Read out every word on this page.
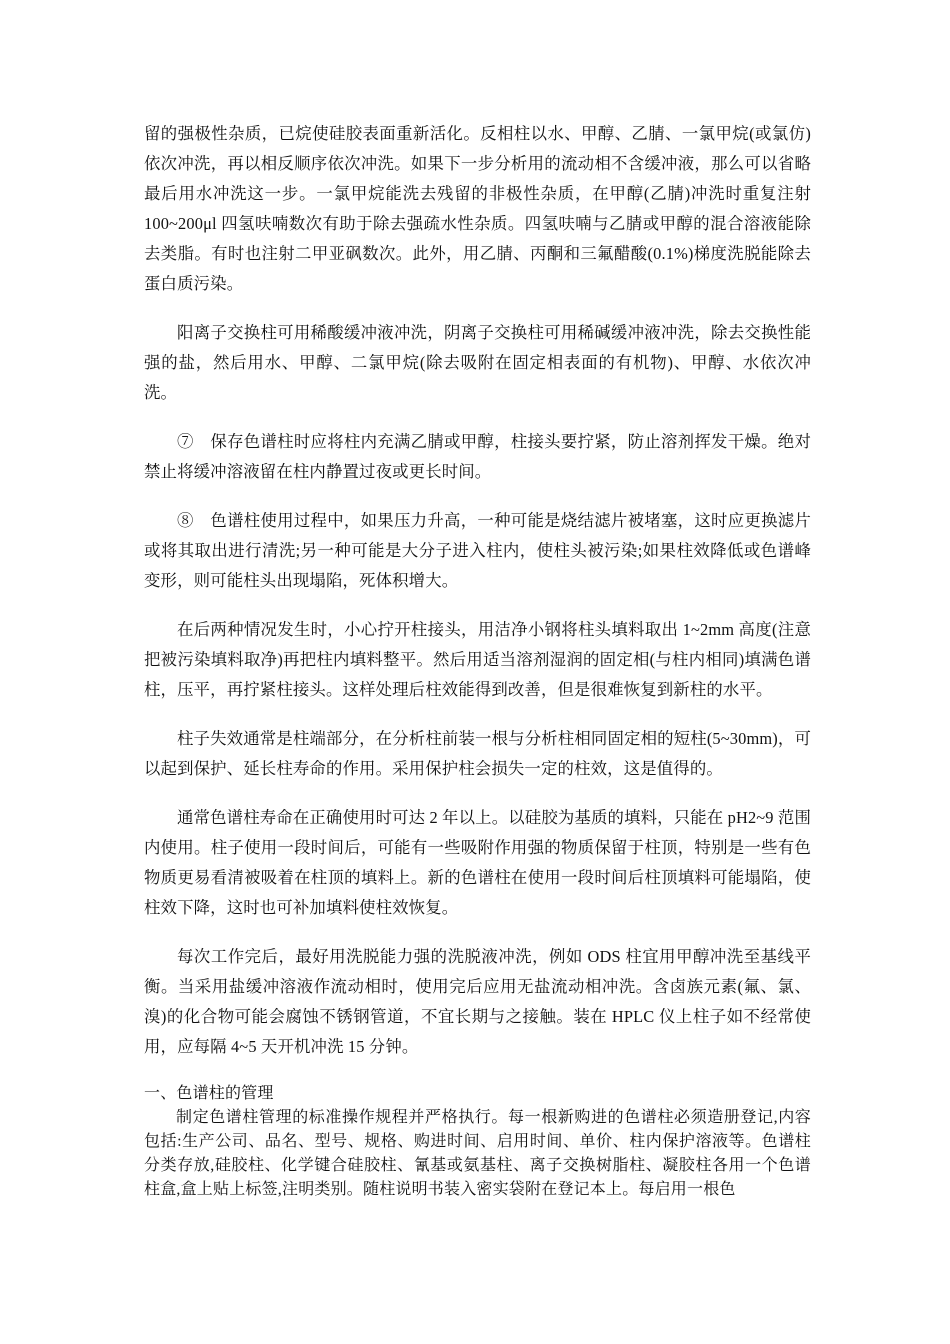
留的强极性杂质，已烷使硅胶表面重新活化。反相柱以水、甲醇、乙腈、一氯甲烷(或氯仿)依次冲洗，再以相反顺序依次冲洗。如果下一步分析用的流动相不含缓冲液，那么可以省略最后用水冲洗这一步。一氯甲烷能洗去残留的非极性杂质，在甲醇(乙腈)冲洗时重复注射100~200μl 四氢呋喃数次有助于除去强疏水性杂质。四氢呋喃与乙腈或甲醇的混合溶液能除去类脂。有时也注射二甲亚砜数次。此外，用乙腈、丙酮和三氟醋酸(0.1%)梯度洗脱能除去蛋白质污染。

阳离子交换柱可用稀酸缓冲液冲洗，阴离子交换柱可用稀碱缓冲液冲洗，除去交换性能强的盐，然后用水、甲醇、二氯甲烷(除去吸附在固定相表面的有机物)、甲醇、水依次冲洗。

⑦　保存色谱柱时应将柱内充满乙腈或甲醇，柱接头要拧紧，防止溶剂挥发干燥。绝对禁止将缓冲溶液留在柱内静置过夜或更长时间。

⑧　色谱柱使用过程中，如果压力升高，一种可能是烧结滤片被堵塞，这时应更换滤片或将其取出进行清洗;另一种可能是大分子进入柱内，使柱头被污染;如果柱效降低或色谱峰变形，则可能柱头出现塌陷，死体积增大。

在后两种情况发生时，小心拧开柱接头，用洁净小钢将柱头填料取出 1~2mm 高度(注意把被污染填料取净)再把柱内填料整平。然后用适当溶剂湿润的固定相(与柱内相同)填满色谱柱，压平，再拧紧柱接头。这样处理后柱效能得到改善，但是很难恢复到新柱的水平。

柱子失效通常是柱端部分，在分析柱前装一根与分析柱相同固定相的短柱(5~30mm)，可以起到保护、延长柱寿命的作用。采用保护柱会损失一定的柱效，这是值得的。

通常色谱柱寿命在正确使用时可达 2 年以上。以硅胶为基质的填料，只能在 pH2~9 范围内使用。柱子使用一段时间后，可能有一些吸附作用强的物质保留于柱顶，特别是一些有色物质更易看清被吸着在柱顶的填料上。新的色谱柱在使用一段时间后柱顶填料可能塌陷，使柱效下降，这时也可补加填料使柱效恢复。

每次工作完后，最好用洗脱能力强的洗脱液冲洗，例如 ODS 柱宜用甲醇冲洗至基线平衡。当采用盐缓冲溶液作流动相时，使用完后应用无盐流动相冲洗。含卤族元素(氟、氯、溴)的化合物可能会腐蚀不锈钢管道，不宜长期与之接触。装在 HPLC 仪上柱子如不经常使用，应每隔 4~5 天开机冲洗 15 分钟。

一、色谱柱的管理

制定色谱柱管理的标准操作规程并严格执行。每一根新购进的色谱柱必须造册登记,内容包括:生产公司、品名、型号、规格、购进时间、启用时间、单价、柱内保护溶液等。色谱柱分类存放,硅胶柱、化学键合硅胶柱、氰基或氨基柱、离子交换树脂柱、凝胶柱各用一个色谱柱盒,盒上贴上标签,注明类别。随柱说明书装入密实袋附在登记本上。每启用一根色
